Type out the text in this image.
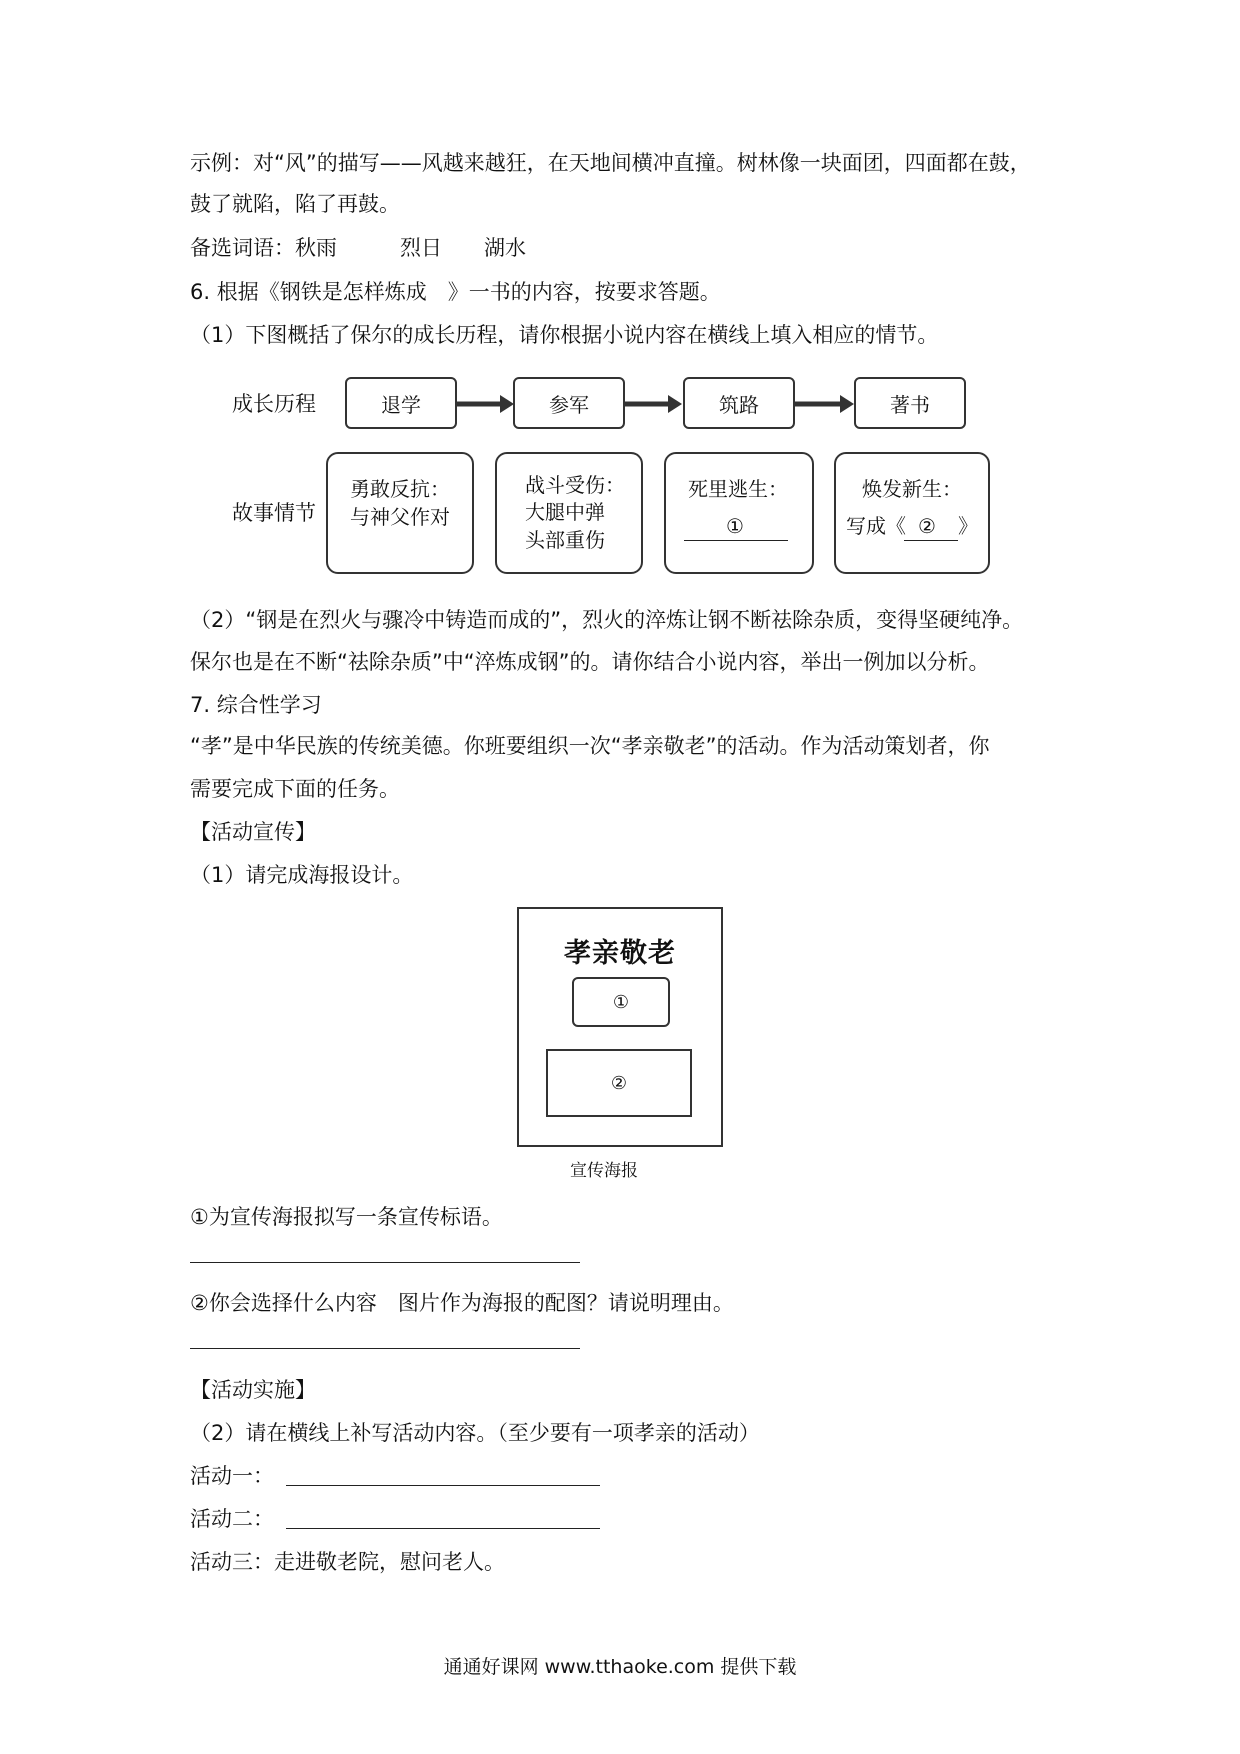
示例：对“风”的描写——风越来越狂，在天地间横冲直撞。树林像一块面团，四面都在鼓，
鼓了就陷，陷了再鼓。
备选词语：秋雨　　　烈日　　湖水
6. 根据《钢铁是怎样炼成　》一书的内容，按要求答题。
（1）下图概括了保尔的成长历程，请你根据小说内容在横线上填入相应的情节。
成长历程
故事情节
退学	参军	筑路	著书
勇敢反抗：
与神父作对
战斗受伤：
大腿中弹
头部重伤
死里逃生：
①
焕发新生：
写成《 ② 》
（2）“钢是在烈火与骤冷中铸造而成的”，烈火的淬炼让钢不断祛除杂质，变得坚硬纯净。
保尔也是在不断“祛除杂质”中“淬炼成钢”的。请你结合小说内容，举出一例加以分析。
7. 综合性学习
“孝”是中华民族的传统美德。你班要组织一次“孝亲敬老”的活动。作为活动策划者，你
需要完成下面的任务。
【活动宣传】
（1）请完成海报设计。
孝亲敬老
①
②
宣传海报
①为宣传海报拟写一条宣传标语。
②你会选择什么内容　图片作为海报的配图？请说明理由。
【活动实施】
（2）请在横线上补写活动内容。（至少要有一项孝亲的活动）
活动一：
活动二：
活动三：走进敬老院，慰问老人。
通通好课网 www.tthaoke.com 提供下载
